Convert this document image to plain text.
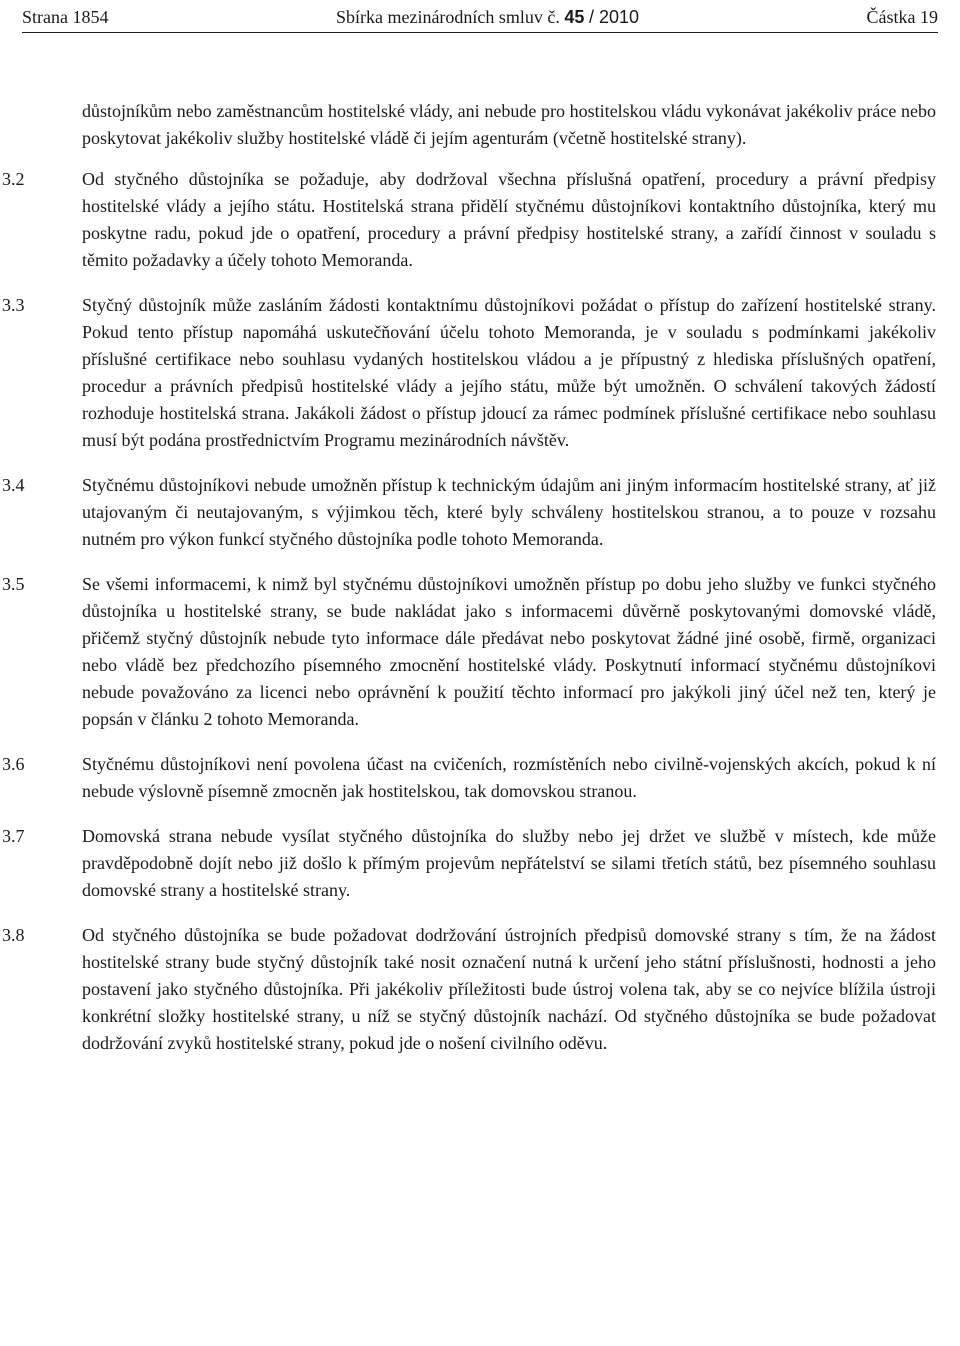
Strana 1854	Sbírka mezinárodních smluv č. 45 / 2010	Částka 19

důstojníkům nebo zaměstnancům hostitelské vlády, ani nebude pro hostitelskou vládu vykonávat jakékoliv práce nebo poskytovat jakékoliv služby hostitelské vládě či jejím agenturám (včetně hostitelské strany).

3.2	Od styčného důstojníka se požaduje, aby dodržoval všechna příslušná opatření, procedury a právní předpisy hostitelské vlády a jejího státu. Hostitelská strana přidělí styčnému důstojníkovi kontaktního důstojníka, který mu poskytne radu, pokud jde o opatření, procedury a právní předpisy hostitelské strany, a zařídí činnost v souladu s těmito požadavky a účely tohoto Memoranda.

3.3	Styčný důstojník může zasláním žádosti kontaktnímu důstojníkovi požádat o přístup do zařízení hostitelské strany. Pokud tento přístup napomáhá uskutečňování účelu tohoto Memoranda, je v souladu s podmínkami jakékoliv příslušné certifikace nebo souhlasu vydaných hostitelskou vládou a je přípustný z hlediska příslušných opatření, procedur a právních předpisů hostitelské vlády a jejího státu, může být umožněn. O schválení takových žádostí rozhoduje hostitelská strana. Jakákoli žádost o přístup jdoucí za rámec podmínek příslušné certifikace nebo souhlasu musí být podána prostřednictvím Programu mezinárodních návštěv.

3.4	Styčnému důstojníkovi nebude umožněn přístup k technickým údajům ani jiným informacím hostitelské strany, ať již utajovaným či neutajovaným, s výjimkou těch, které byly schváleny hostitelskou stranou, a to pouze v rozsahu nutném pro výkon funkcí styčného důstojníka podle tohoto Memoranda.

3.5	Se všemi informacemi, k nimž byl styčnému důstojníkovi umožněn přístup po dobu jeho služby ve funkci styčného důstojníka u hostitelské strany, se bude nakládat jako s informacemi důvěrně poskytovanými domovské vládě, přičemž styčný důstojník nebude tyto informace dále předávat nebo poskytovat žádné jiné osobě, firmě, organizaci nebo vládě bez předchozího písemného zmocnění hostitelské vlády. Poskytnutí informací styčnému důstojníkovi nebude považováno za licenci nebo oprávnění k použití těchto informací pro jakýkoli jiný účel než ten, který je popsán v článku 2 tohoto Memoranda.

3.6	Styčnému důstojníkovi není povolena účast na cvičeních, rozmístěních nebo civilně-vojenských akcích, pokud k ní nebude výslovně písemně zmocněn jak hostitelskou, tak domovskou stranou.

3.7	Domovská strana nebude vysílat styčného důstojníka do služby nebo jej držet ve službě v místech, kde může pravděpodobně dojít nebo již došlo k přímým projevům nepřátelství se silami třetích států, bez písemného souhlasu domovské strany a hostitelské strany.

3.8	Od styčného důstojníka se bude požadovat dodržování ústrojních předpisů domovské strany s tím, že na žádost hostitelské strany bude styčný důstojník také nosit označení nutná k určení jeho státní příslušnosti, hodnosti a jeho postavení jako styčného důstojníka. Při jakékoliv příležitosti bude ústroj volena tak, aby se co nejvíce blížila ústroji konkrétní složky hostitelské strany, u níž se styčný důstojník nachází. Od styčného důstojníka se bude požadovat dodržování zvyků hostitelské strany, pokud jde o nošení civilního oděvu.
